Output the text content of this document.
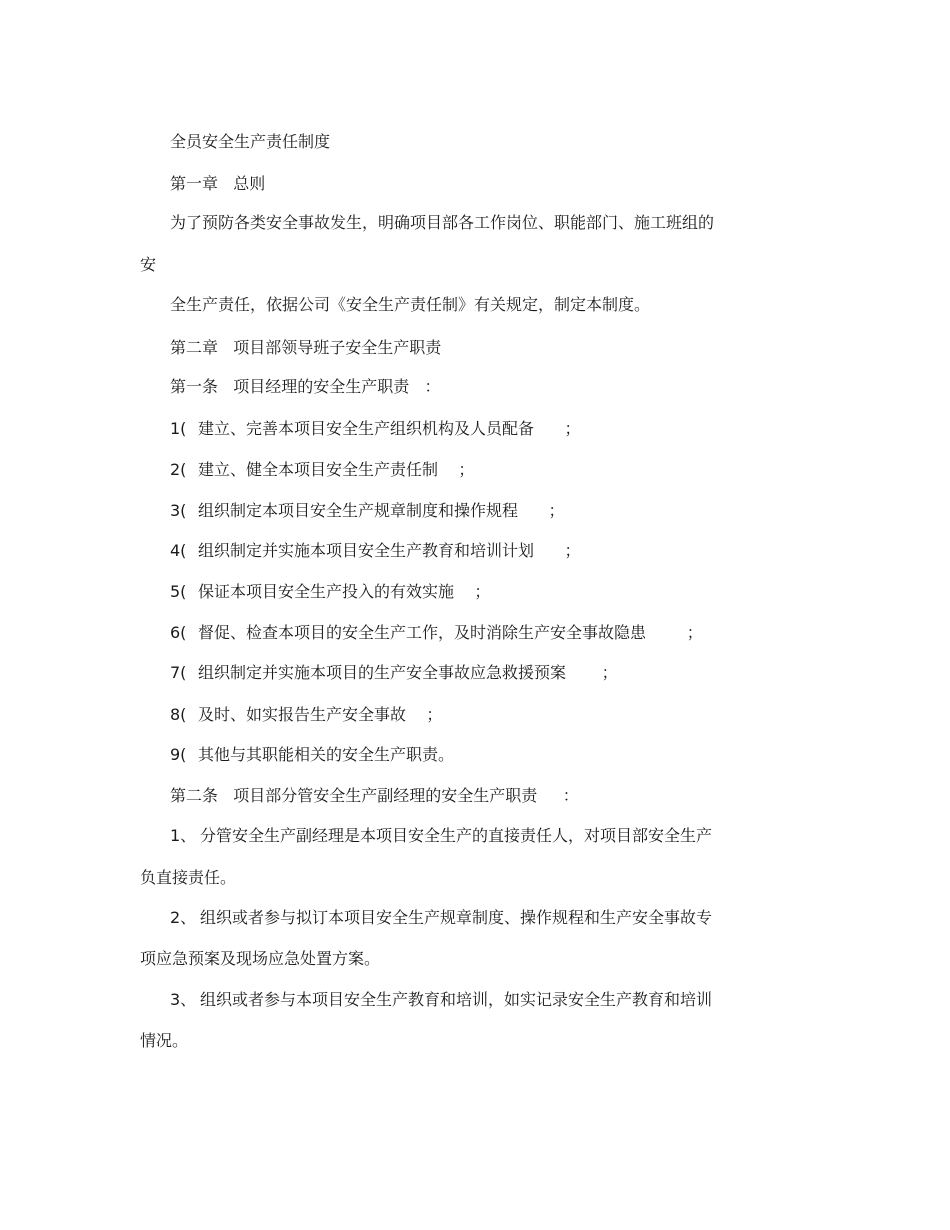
全员安全生产责任制度
第一章   总则
为了预防各类安全事故发生，明确项目部各工作岗位、职能部门、施工班组的
安
全生产责任，依据公司《安全生产责任制》有关规定，制定本制度。
第二章   项目部领导班子安全生产职责
第一条   项目经理的安全生产职责   ：
1( 建立、完善本项目安全生产组织机构及人员配备      ；
2( 建立、健全本项目安全生产责任制    ；
3( 组织制定本项目安全生产规章制度和操作规程      ；
4( 组织制定并实施本项目安全生产教育和培训计划      ；
5( 保证本项目安全生产投入的有效实施    ；
6( 督促、检查本项目的安全生产工作，及时消除生产安全事故隐患        ；
7( 组织制定并实施本项目的生产安全事故应急救援预案       ；
8( 及时、如实报告生产安全事故    ；
9( 其他与其职能相关的安全生产职责。
第二条   项目部分管安全生产副经理的安全生产职责     ：
1、 分管安全生产副经理是本项目安全生产的直接责任人，对项目部安全生产
负直接责任。
2、 组织或者参与拟订本项目安全生产规章制度、操作规程和生产安全事故专
项应急预案及现场应急处置方案。
3、 组织或者参与本项目安全生产教育和培训，如实记录安全生产教育和培训
情况。
